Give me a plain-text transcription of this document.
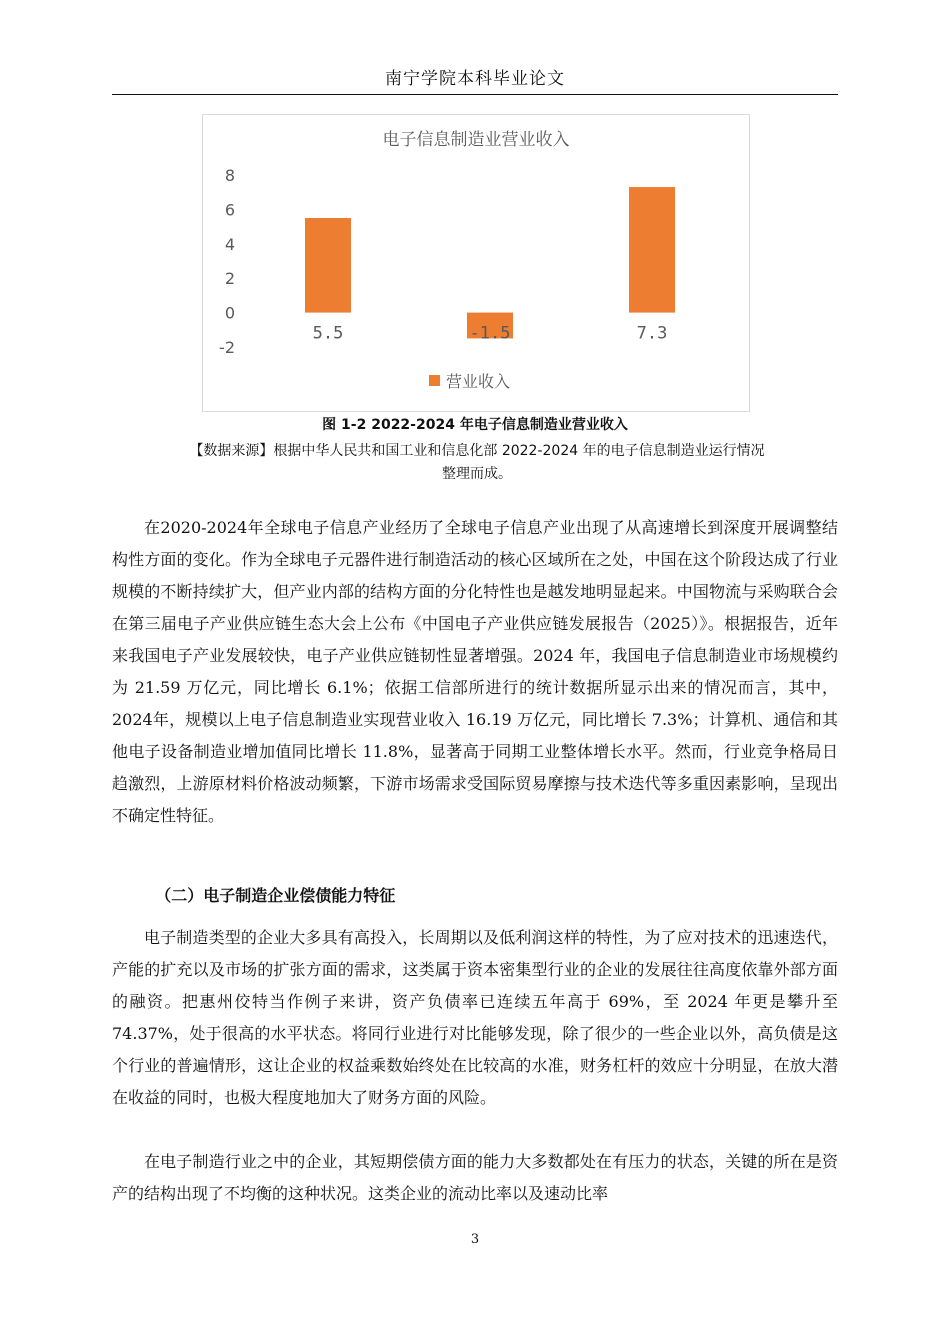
南宁学院本科毕业论文
电子信息制造业营业收入
8
6
4
2
0
-2
5.5	-1.5	7.3
营业收入
图 1-2 2022-2024 年电子信息制造业营业收入
【数据来源】根据中华人民共和国工业和信息化部 2022-2024 年的电子信息制造业运行情况
整理而成。

在2020-2024年全球电子信息产业经历了全球电子信息产业出现了从高速增长到深度开展调整结构性方面的变化。作为全球电子元器件进行制造活动的核心区域所在之处，中国在这个阶段达成了行业规模的不断持续扩大，但产业内部的结构方面的分化特性也是越发地明显起来。中国物流与采购联合会在第三届电子产业供应链生态大会上公布《中国电子产业供应链发展报告（2025）》。根据报告，近年来我国电子产业发展较快，电子产业供应链韧性显著增强。2024 年，我国电子信息制造业市场规模约为 21.59 万亿元，同比增长 6.1%；依据工信部所进行的统计数据所显示出来的情况而言，其中，2024年，规模以上电子信息制造业实现营业收入 16.19 万亿元，同比增长 7.3%；计算机、通信和其他电子设备制造业增加值同比增长 11.8%，显著高于同期工业整体增长水平。然而，行业竞争格局日趋激烈，上游原材料价格波动频繁，下游市场需求受国际贸易摩擦与技术迭代等多重因素影响，呈现出不确定性特征。

（二）电子制造企业偿债能力特征

电子制造类型的企业大多具有高投入，长周期以及低利润这样的特性，为了应对技术的迅速迭代，产能的扩充以及市场的扩张方面的需求，这类属于资本密集型行业的企业的发展往往高度依靠外部方面的融资。把惠州佼特当作例子来讲，资产负债率已连续五年高于 69%，至 2024 年更是攀升至 74.37%，处于很高的水平状态。将同行业进行对比能够发现，除了很少的一些企业以外，高负债是这个行业的普遍情形，这让企业的权益乘数始终处在比较高的水准，财务杠杆的效应十分明显，在放大潜在收益的同时，也极大程度地加大了财务方面的风险。

在电子制造行业之中的企业，其短期偿债方面的能力大多数都处在有压力的状态，关键的所在是资产的结构出现了不均衡的这种状况。这类企业的流动比率以及速动比率

3
